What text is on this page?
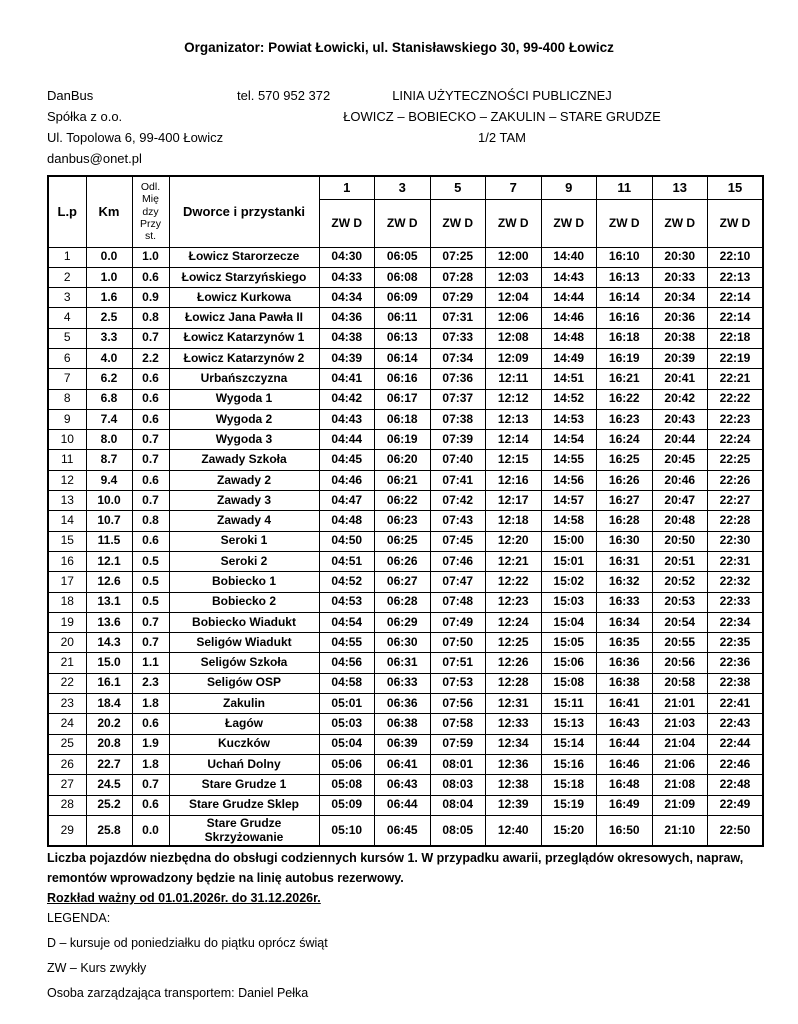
Organizator: Powiat Łowicki, ul. Stanisławskiego 30, 99-400 Łowicz
DanBus	tel. 570 952 372	LINIA UŻYTECZNOŚCI PUBLICZNEJ
Spółka z o.o.	ŁOWICZ – BOBIECKO – ZAKULIN – STARE GRUDZE
Ul. Topolowa 6, 99-400 Łowicz	1/2 TAM
danbus@onet.pl
L.p	Km	Odl. Mię dzy Przy st.	Dworce i przystanki	1	3	5	7	9	11	13	15
				ZW D	ZW D	ZW D	ZW D	ZW D	ZW D	ZW D	ZW D
1	0.0	1.0	Łowicz Starorzecze	04:30	06:05	07:25	12:00	14:40	16:10	20:30	22:10
2	1.0	0.6	Łowicz Starzyńskiego	04:33	06:08	07:28	12:03	14:43	16:13	20:33	22:13
3	1.6	0.9	Łowicz Kurkowa	04:34	06:09	07:29	12:04	14:44	16:14	20:34	22:14
4	2.5	0.8	Łowicz Jana Pawła II	04:36	06:11	07:31	12:06	14:46	16:16	20:36	22:14
5	3.3	0.7	Łowicz Katarzynów 1	04:38	06:13	07:33	12:08	14:48	16:18	20:38	22:18
6	4.0	2.2	Łowicz Katarzynów 2	04:39	06:14	07:34	12:09	14:49	16:19	20:39	22:19
7	6.2	0.6	Urbańszczyzna	04:41	06:16	07:36	12:11	14:51	16:21	20:41	22:21
8	6.8	0.6	Wygoda 1	04:42	06:17	07:37	12:12	14:52	16:22	20:42	22:22
9	7.4	0.6	Wygoda 2	04:43	06:18	07:38	12:13	14:53	16:23	20:43	22:23
10	8.0	0.7	Wygoda 3	04:44	06:19	07:39	12:14	14:54	16:24	20:44	22:24
11	8.7	0.7	Zawady Szkoła	04:45	06:20	07:40	12:15	14:55	16:25	20:45	22:25
12	9.4	0.6	Zawady 2	04:46	06:21	07:41	12:16	14:56	16:26	20:46	22:26
13	10.0	0.7	Zawady 3	04:47	06:22	07:42	12:17	14:57	16:27	20:47	22:27
14	10.7	0.8	Zawady 4	04:48	06:23	07:43	12:18	14:58	16:28	20:48	22:28
15	11.5	0.6	Seroki 1	04:50	06:25	07:45	12:20	15:00	16:30	20:50	22:30
16	12.1	0.5	Seroki 2	04:51	06:26	07:46	12:21	15:01	16:31	20:51	22:31
17	12.6	0.5	Bobiecko 1	04:52	06:27	07:47	12:22	15:02	16:32	20:52	22:32
18	13.1	0.5	Bobiecko 2	04:53	06:28	07:48	12:23	15:03	16:33	20:53	22:33
19	13.6	0.7	Bobiecko Wiadukt	04:54	06:29	07:49	12:24	15:04	16:34	20:54	22:34
20	14.3	0.7	Seligów Wiadukt	04:55	06:30	07:50	12:25	15:05	16:35	20:55	22:35
21	15.0	1.1	Seligów Szkoła	04:56	06:31	07:51	12:26	15:06	16:36	20:56	22:36
22	16.1	2.3	Seligów OSP	04:58	06:33	07:53	12:28	15:08	16:38	20:58	22:38
23	18.4	1.8	Zakulin	05:01	06:36	07:56	12:31	15:11	16:41	21:01	22:41
24	20.2	0.6	Łagów	05:03	06:38	07:58	12:33	15:13	16:43	21:03	22:43
25	20.8	1.9	Kuczków	05:04	06:39	07:59	12:34	15:14	16:44	21:04	22:44
26	22.7	1.8	Uchań Dolny	05:06	06:41	08:01	12:36	15:16	16:46	21:06	22:46
27	24.5	0.7	Stare Grudze 1	05:08	06:43	08:03	12:38	15:18	16:48	21:08	22:48
28	25.2	0.6	Stare Grudze Sklep	05:09	06:44	08:04	12:39	15:19	16:49	21:09	22:49
29	25.8	0.0	Stare Grudze Skrzyżowanie	05:10	06:45	08:05	12:40	15:20	16:50	21:10	22:50
Liczba pojazdów niezbędna do obsługi codziennych kursów 1. W przypadku awarii, przeglądów okresowych, napraw, remontów wprowadzony będzie na linię autobus rezerwowy.
Rozkład ważny od 01.01.2026r. do 31.12.2026r.
LEGENDA:
D – kursuje od poniedziałku do piątku oprócz świąt
ZW – Kurs zwykły
Osoba zarządzająca transportem: Daniel Pełka
